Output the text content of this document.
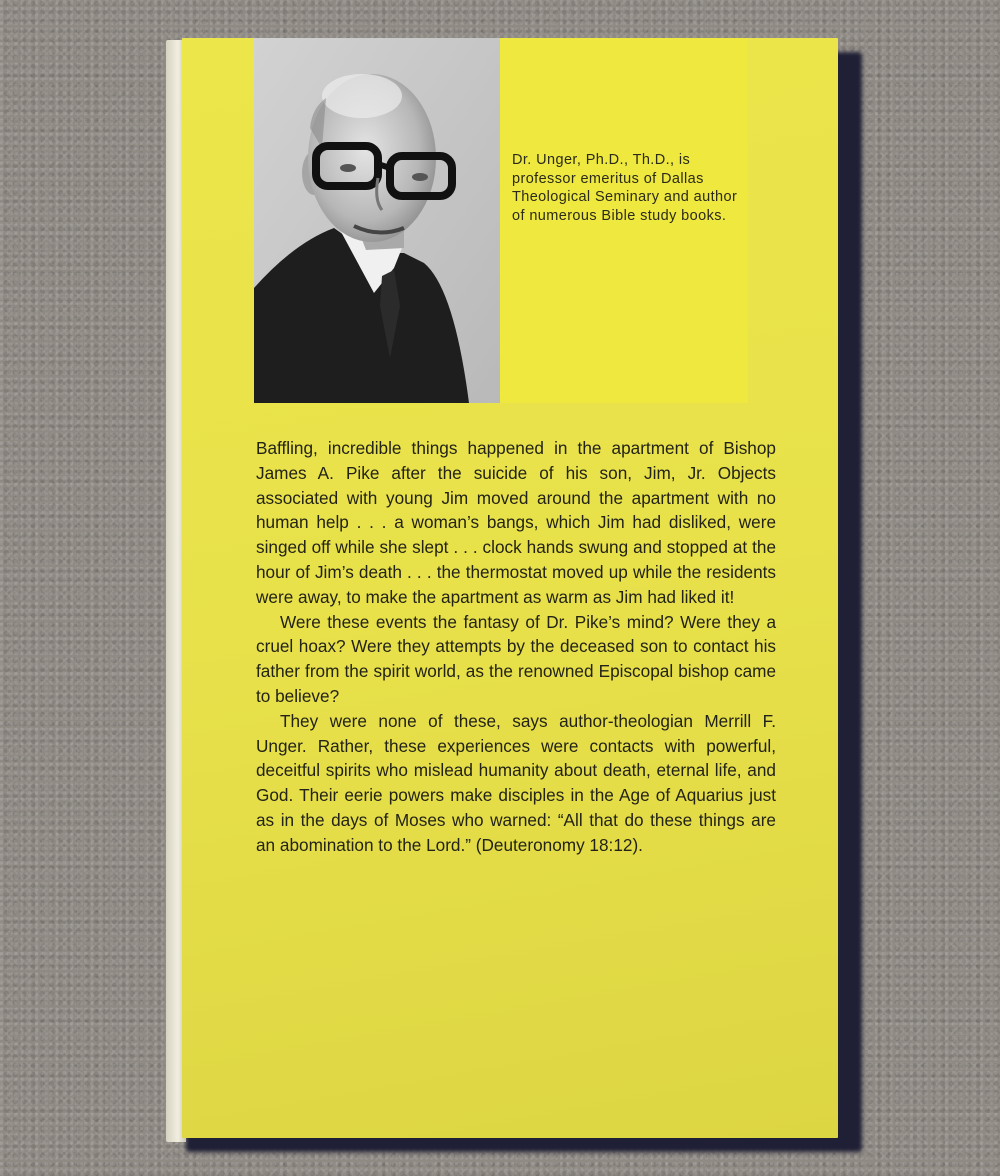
Dr. Unger, Ph.D., Th.D., is professor emeritus of Dallas Theological Seminary and author of numerous Bible study books.

Baffling, incredible things happened in the apartment of Bishop James A. Pike after the suicide of his son, Jim, Jr. Objects associated with young Jim moved around the apartment with no human help . . . a woman’s bangs, which Jim had disliked, were singed off while she slept . . . clock hands swung and stopped at the hour of Jim’s death . . . the thermostat moved up while the residents were away, to make the apartment as warm as Jim had liked it!

Were these events the fantasy of Dr. Pike’s mind? Were they a cruel hoax? Were they attempts by the deceased son to contact his father from the spirit world, as the renowned Episcopal bishop came to believe?

They were none of these, says author-theologian Merrill F. Unger. Rather, these experiences were contacts with powerful, deceitful spirits who mislead humanity about death, eternal life, and God. Their eerie powers make disciples in the Age of Aquarius just as in the days of Moses who warned: “All that do these things are an abomination to the Lord.” (Deuteronomy 18:12).
